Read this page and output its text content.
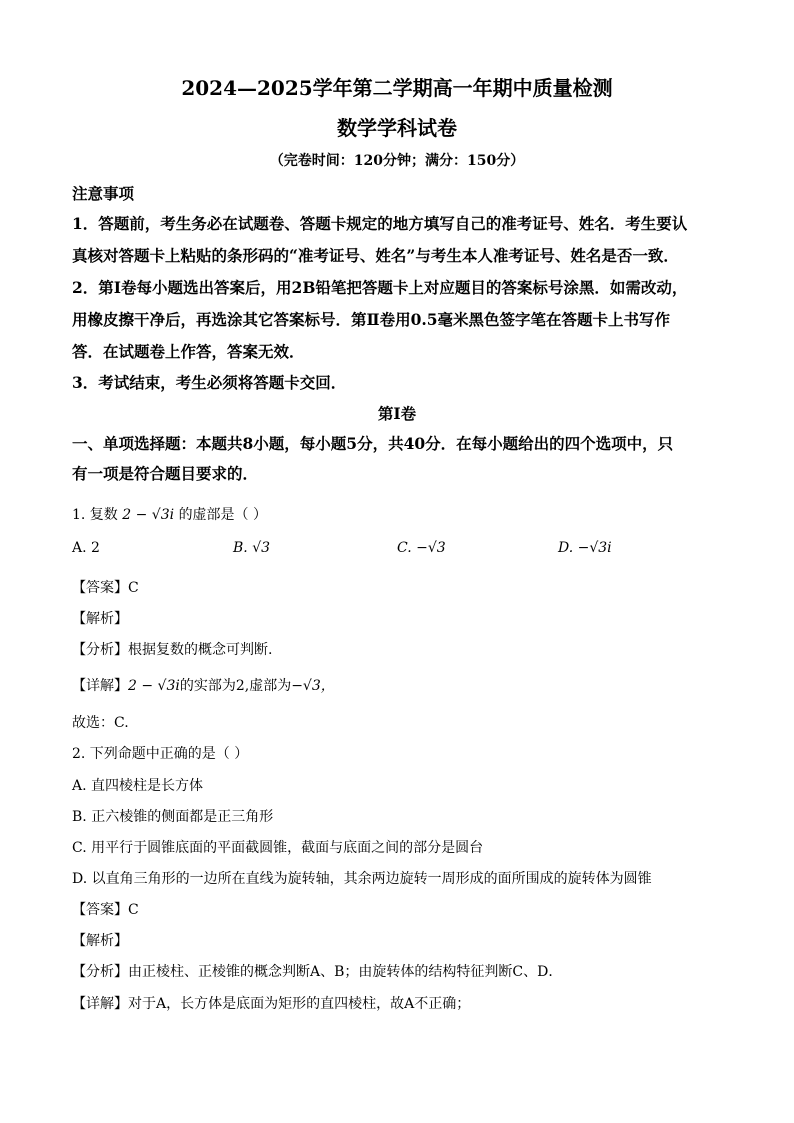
2024—2025学年第二学期高一年期中质量检测
数学学科试卷
（完卷时间：120分钟；满分：150分）
注意事项
1．答题前，考生务必在试题卷、答题卡规定的地方填写自己的准考证号、姓名．考生要认
真核对答题卡上粘贴的条形码的“准考证号、姓名”与考生本人准考证号、姓名是否一致．
2．第Ⅰ卷每小题选出答案后，用2B铅笔把答题卡上对应题目的答案标号涂黑．如需改动，
用橡皮擦干净后，再选涂其它答案标号．第Ⅱ卷用0.5毫米黑色签字笔在答题卡上书写作
答．在试题卷上作答，答案无效．
3．考试结束，考生必须将答题卡交回．
第Ⅰ卷
一、单项选择题：本题共8小题，每小题5分，共40分．在每小题给出的四个选项中，只
有一项是符合题目要求的．
1. 复数 2 − √3i 的虚部是（ ）
A. 2	B. √3	C. −√3	D. −√3i
【答案】C
【解析】
【分析】根据复数的概念可判断.
【详解】2 − √3i的实部为2,虚部为−√3，
故选：C.
2. 下列命题中正确的是（ ）
A. 直四棱柱是长方体
B. 正六棱锥的侧面都是正三角形
C. 用平行于圆锥底面的平面截圆锥，截面与底面之间的部分是圆台
D. 以直角三角形的一边所在直线为旋转轴，其余两边旋转一周形成的面所围成的旋转体为圆锥
【答案】C
【解析】
【分析】由正棱柱、正棱锥的概念判断A、B；由旋转体的结构特征判断C、D．
【详解】对于A，长方体是底面为矩形的直四棱柱，故A不正确；
